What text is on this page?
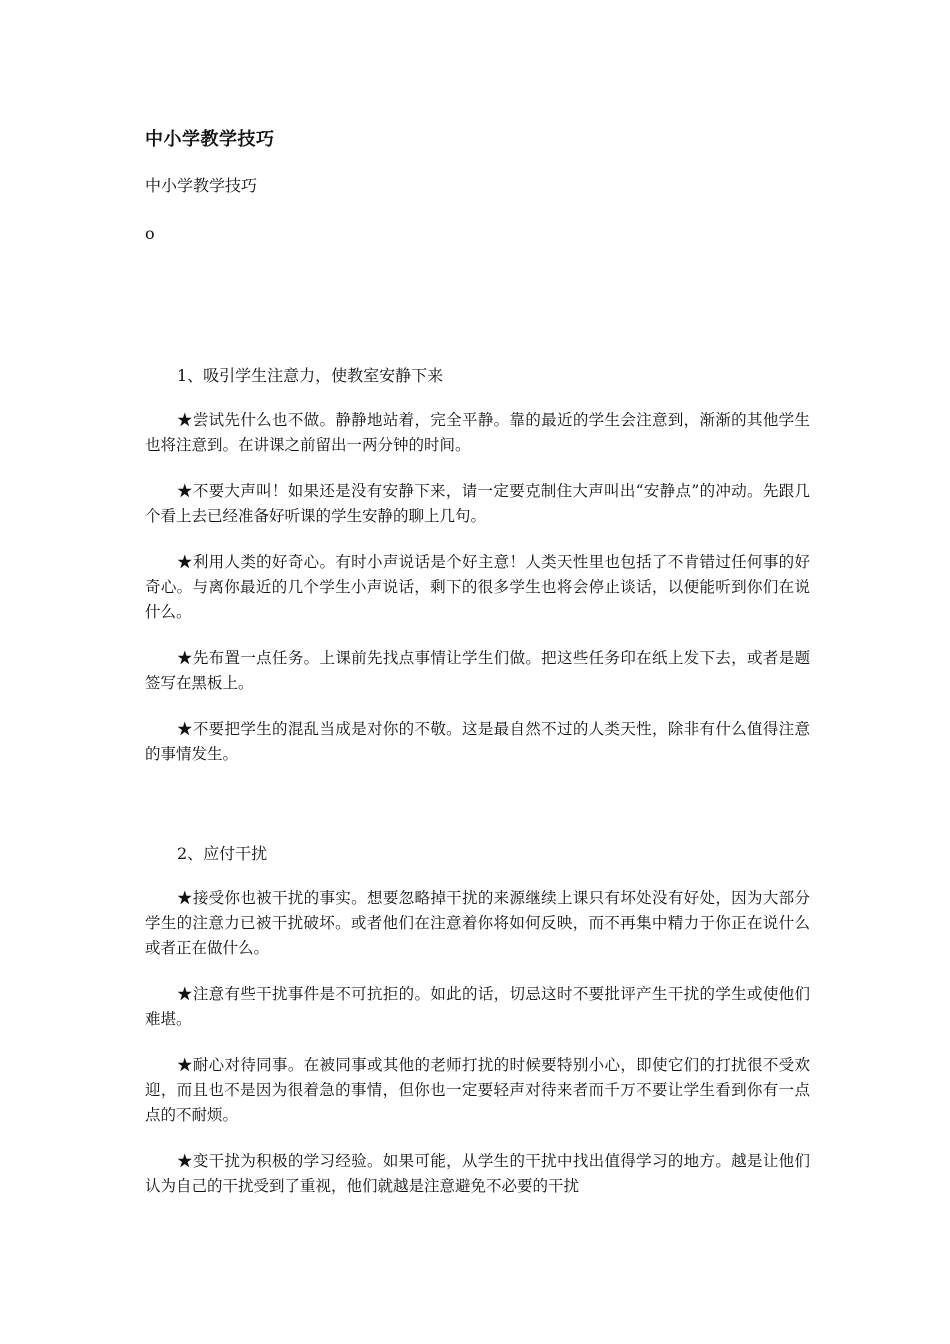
中小学教学技巧
中小学教学技巧
o

1、吸引学生注意力，使教室安静下来

★尝试先什么也不做。静静地站着，完全平静。靠的最近的学生会注意到，渐渐的其他学生也将注意到。在讲课之前留出一两分钟的时间。

★不要大声叫！如果还是没有安静下来，请一定要克制住大声叫出“安静点”的冲动。先跟几个看上去已经准备好听课的学生安静的聊上几句。

★利用人类的好奇心。有时小声说话是个好主意！人类天性里也包括了不肯错过任何事的好奇心。与离你最近的几个学生小声说话，剩下的很多学生也将会停止谈话，以便能听到你们在说什么。

★先布置一点任务。上课前先找点事情让学生们做。把这些任务印在纸上发下去，或者是题签写在黑板上。

★不要把学生的混乱当成是对你的不敬。这是最自然不过的人类天性，除非有什么值得注意的事情发生。

2、应付干扰

★接受你也被干扰的事实。想要忽略掉干扰的来源继续上课只有坏处没有好处，因为大部分学生的注意力已被干扰破坏。或者他们在注意着你将如何反映，而不再集中精力于你正在说什么或者正在做什么。

★注意有些干扰事件是不可抗拒的。如此的话，切忌这时不要批评产生干扰的学生或使他们难堪。

★耐心对待同事。在被同事或其他的老师打扰的时候要特别小心，即使它们的打扰很不受欢迎，而且也不是因为很着急的事情，但你也一定要轻声对待来者而千万不要让学生看到你有一点点的不耐烦。

★变干扰为积极的学习经验。如果可能，从学生的干扰中找出值得学习的地方。越是让他们认为自己的干扰受到了重视，他们就越是注意避免不必要的干扰
